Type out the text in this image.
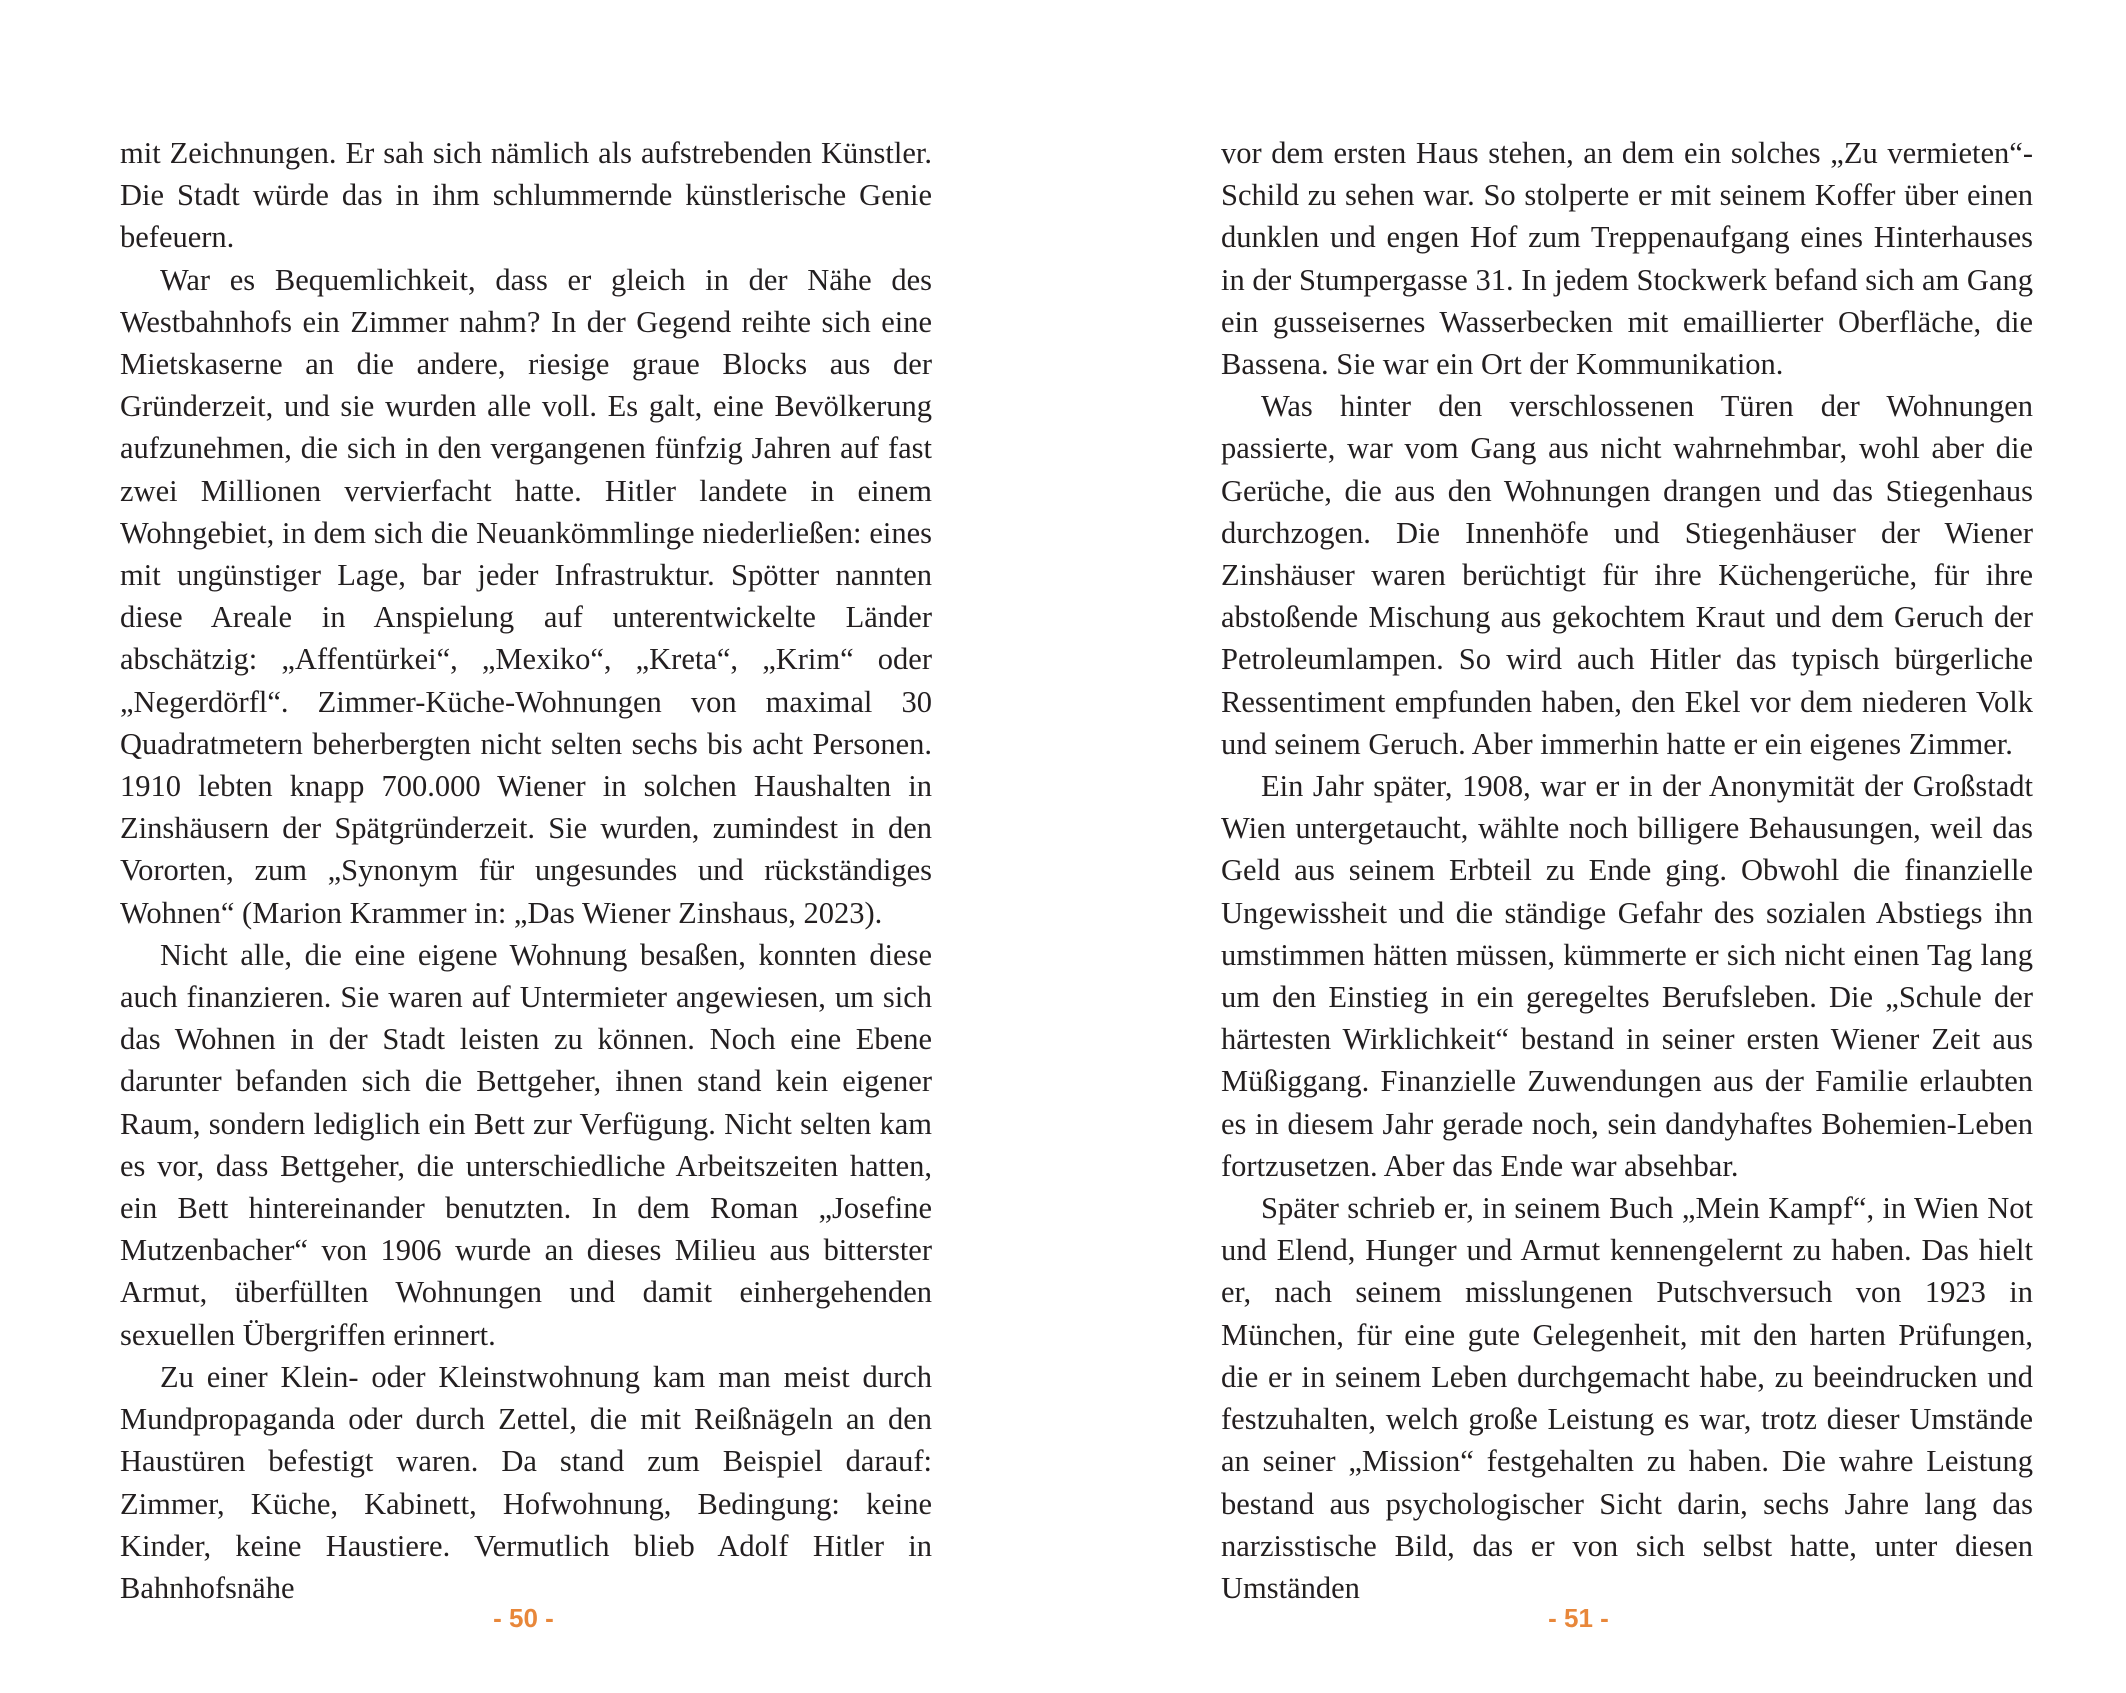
mit Zeichnungen. Er sah sich nämlich als aufstrebenden Künstler. Die Stadt würde das in ihm schlummernde künstlerische Genie befeuern.

War es Bequemlichkeit, dass er gleich in der Nähe des Westbahnhofs ein Zimmer nahm? In der Gegend reihte sich eine Mietskaserne an die andere, riesige graue Blocks aus der Gründerzeit, und sie wurden alle voll. Es galt, eine Bevölkerung aufzunehmen, die sich in den vergangenen fünfzig Jahren auf fast zwei Millionen vervierfacht hatte. Hitler landete in einem Wohngebiet, in dem sich die Neuankömmlinge niederließen: eines mit ungünstiger Lage, bar jeder Infrastruktur. Spötter nannten diese Areale in Anspielung auf unterentwickelte Länder abschätzig: „Affentürkei“, „Mexiko“, „Kreta“, „Krim“ oder „Negerdörfl“. Zimmer-Küche-Wohnungen von maximal 30 Quadratmetern beherbergten nicht selten sechs bis acht Personen. 1910 lebten knapp 700.000 Wiener in solchen Haushalten in Zinshäusern der Spätgründerzeit. Sie wurden, zumindest in den Vororten, zum „Synonym für ungesundes und rückständiges Wohnen“ (Marion Krammer in: „Das Wiener Zinshaus, 2023).

Nicht alle, die eine eigene Wohnung besaßen, konnten diese auch finanzieren. Sie waren auf Untermieter angewiesen, um sich das Wohnen in der Stadt leisten zu können. Noch eine Ebene darunter befanden sich die Bettgeher, ihnen stand kein eigener Raum, sondern lediglich ein Bett zur Verfügung. Nicht selten kam es vor, dass Bettgeher, die unterschiedliche Arbeitszeiten hatten, ein Bett hintereinander benutzten. In dem Roman „Josefine Mutzenbacher“ von 1906 wurde an dieses Milieu aus bitterster Armut, überfüllten Wohnungen und damit einhergehenden sexuellen Übergriffen erinnert.

Zu einer Klein- oder Kleinstwohnung kam man meist durch Mundpropaganda oder durch Zettel, die mit Reißnägeln an den Haustüren befestigt waren. Da stand zum Beispiel darauf: Zimmer, Küche, Kabinett, Hofwohnung, Bedingung: keine Kinder, keine Haustiere. Vermutlich blieb Adolf Hitler in Bahnhofsnähe

- 50 -

vor dem ersten Haus stehen, an dem ein solches „Zu vermieten“-Schild zu sehen war. So stolperte er mit seinem Koffer über einen dunklen und engen Hof zum Treppenaufgang eines Hinterhauses in der Stumpergasse 31. In jedem Stockwerk befand sich am Gang ein gusseisernes Wasserbecken mit emaillierter Oberfläche, die Bassena. Sie war ein Ort der Kommunikation.

Was hinter den verschlossenen Türen der Wohnungen passierte, war vom Gang aus nicht wahrnehmbar, wohl aber die Gerüche, die aus den Wohnungen drangen und das Stiegenhaus durchzogen. Die Innenhöfe und Stiegenhäuser der Wiener Zinshäuser waren berüchtigt für ihre Küchengerüche, für ihre abstoßende Mischung aus gekochtem Kraut und dem Geruch der Petroleumlampen. So wird auch Hitler das typisch bürgerliche Ressentiment empfunden haben, den Ekel vor dem niederen Volk und seinem Geruch. Aber immerhin hatte er ein eigenes Zimmer.

Ein Jahr später, 1908, war er in der Anonymität der Großstadt Wien untergetaucht, wählte noch billigere Behausungen, weil das Geld aus seinem Erbteil zu Ende ging. Obwohl die finanzielle Ungewissheit und die ständige Gefahr des sozialen Abstiegs ihn umstimmen hätten müssen, kümmerte er sich nicht einen Tag lang um den Einstieg in ein geregeltes Berufsleben. Die „Schule der härtesten Wirklichkeit“ bestand in seiner ersten Wiener Zeit aus Müßiggang. Finanzielle Zuwendungen aus der Familie erlaubten es in diesem Jahr gerade noch, sein dandyhaftes Bohemien-Leben fortzusetzen. Aber das Ende war absehbar.

Später schrieb er, in seinem Buch „Mein Kampf“, in Wien Not und Elend, Hunger und Armut kennengelernt zu haben. Das hielt er, nach seinem misslungenen Putschversuch von 1923 in München, für eine gute Gelegenheit, mit den harten Prüfungen, die er in seinem Leben durchgemacht habe, zu beeindrucken und festzuhalten, welch große Leistung es war, trotz dieser Umstände an seiner „Mission“ festgehalten zu haben. Die wahre Leistung bestand aus psychologischer Sicht darin, sechs Jahre lang das narzisstische Bild, das er von sich selbst hatte, unter diesen Umständen

- 51 -
